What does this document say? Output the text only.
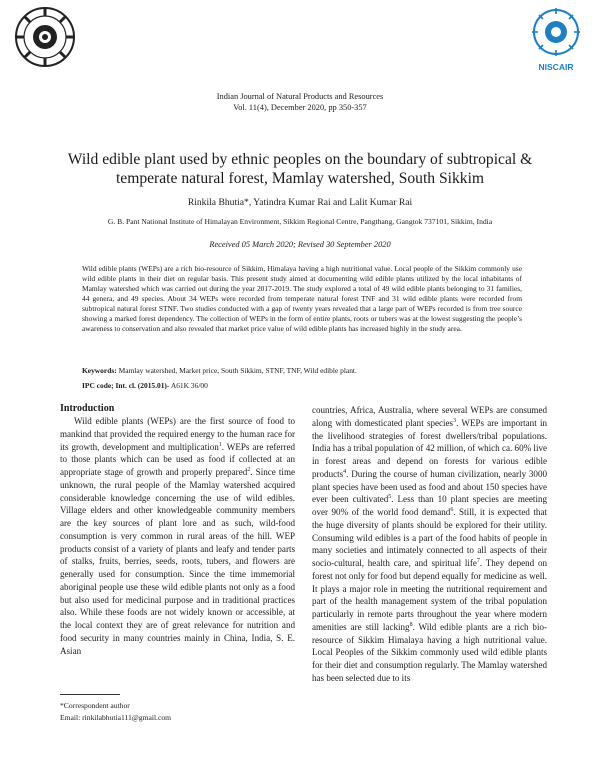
NISCAIR
Indian Journal of Natural Products and Resources
Vol. 11(4), December 2020, pp 350-357
Wild edible plant used by ethnic peoples on the boundary of subtropical &
temperate natural forest, Mamlay watershed, South Sikkim
Rinkila Bhutia*, Yatindra Kumar Rai and Lalit Kumar Rai
G. B. Pant National Institute of Himalayan Environment, Sikkim Regional Centre, Pangthang, Gangtok 737101, Sikkim, India
Received 05 March 2020; Revised 30 September 2020

Wild edible plants (WEPs) are a rich bio-resource of Sikkim, Himalaya having a high nutritional value. Local people of the Sikkim commonly use wild edible plants in their diet on regular basis. This present study aimed at documenting wild edible plants utilized by the local inhabitants of Mamlay watershed which was carried out during the year 2017-2019. The study explored a total of 49 wild edible plants belonging to 31 families, 44 genera, and 49 species. About 34 WEPs were recorded from temperate natural forest TNF and 31 wild edible plants were recorded from subtropical natural forest STNF. Two studies conducted with a gap of twenty years revealed that a large part of WEPs recorded is from tree source showing a marked forest dependency. The collection of WEPs in the form of entire plants, roots or tubers was at the lowest suggesting the people’s awareness to conservation and also revealed that market price value of wild edible plants has increased highly in the study area.

Keywords: Mamlay watershed, Market price, South Sikkim, STNF, TNF, Wild edible plant.
IPC code; Int. cl. (2015.01)- A61K 36/00

Introduction

Wild edible plants (WEPs) are the first source of food to mankind that provided the required energy to the human race for its growth, development and multiplication$^1$. WEPs are referred to those plants which can be used as food if collected at an appropriate stage of growth and properly prepared$^2$. Since time unknown, the rural people of the Mamlay watershed acquired considerable knowledge concerning the use of wild edibles. Village elders and other knowledgeable community members are the key sources of plant lore and as such, wild-food consumption is very common in rural areas of the hill. WEP products consist of a variety of plants and leafy and tender parts of stalks, fruits, berries, seeds, roots, tubers, and flowers are generally used for consumption. Since the time immemorial aboriginal people use these wild edible plants not only as a food but also used for medicinal purpose and in traditional practices also. While these foods are not widely known or accessible, at the local context they are of great relevance for nutrition and food security in many countries mainly in China, India, S. E. Asian

countries, Africa, Australia, where several WEPs are consumed along with domesticated plant species$^3$. WEPs are important in the livelihood strategies of forest dwellers/tribal populations. India has a tribal population of 42 million, of which ca. 60% live in forest areas and depend on forests for various edible products$^4$. During the course of human civilization, nearly 3000 plant species have been used as food and about 150 species have ever been cultivated$^5$. Less than 10 plant species are meeting over 90% of the world food demand$^6$. Still, it is expected that the huge diversity of plants should be explored for their utility. Consuming wild edibles is a part of the food habits of people in many societies and intimately connected to all aspects of their socio-cultural, health care, and spiritual life$^7$. They depend on forest not only for food but depend equally for medicine as well. It plays a major role in meeting the nutritional requirement and part of the health management system of the tribal population particularly in remote parts throughout the year where modern amenities are still lacking$^8$. Wild edible plants are a rich bio-resource of Sikkim Himalaya having a high nutritional value. Local Peoples of the Sikkim commonly used wild edible plants for their diet and consumption regularly. The Mamlay watershed has been selected due to its

*Correspondent author
Email: rinkilabhutia111@gmail.com
